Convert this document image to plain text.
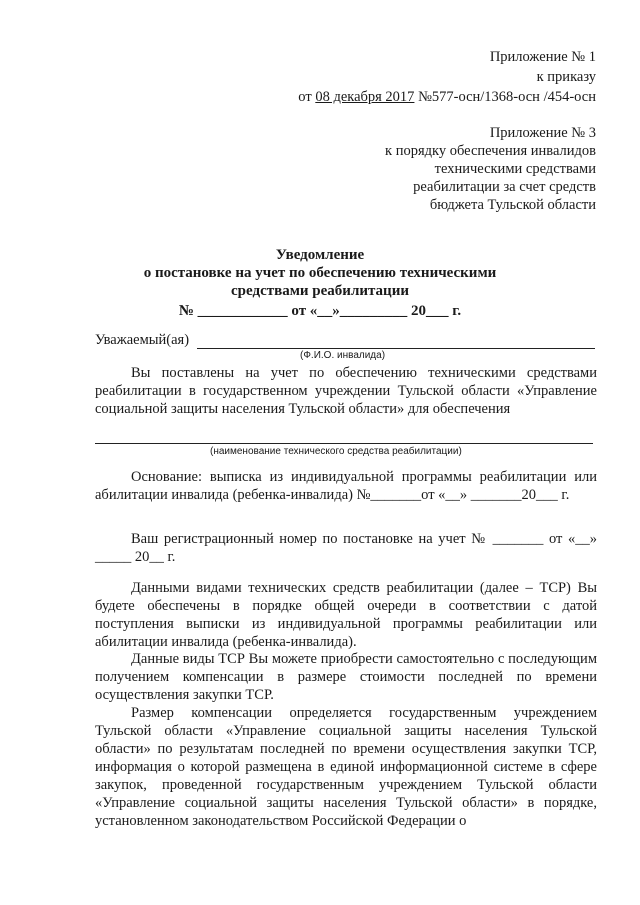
Приложение № 1
к приказу
от 08 декабря 2017 №577-осн/1368-осн /454-осн
Приложение № 3
к порядку обеспечения инвалидов
техническими средствами
реабилитации за счет средств
бюджета Тульской области
Уведомление
о постановке на учет по обеспечению техническими
средствами реабилитации
№ ____________ от «__»_________ 20___ г.
Уважаемый(ая)
(Ф.И.О. инвалида)
Вы поставлены на учет по обеспечению техническими средствами реабилитации в государственном учреждении Тульской области «Управление социальной защиты населения Тульской области» для обеспечения
(наименование технического средства реабилитации)
Основание: выписка из индивидуальной программы реабилитации или абилитации инвалида (ребенка-инвалида) №_______от «__» _______20___ г.
Ваш регистрационный номер по постановке на учет № _______ от «__» _____ 20__ г.
Данными видами технических средств реабилитации (далее – ТСР) Вы будете обеспечены в порядке общей очереди в соответствии с датой поступления выписки из индивидуальной программы реабилитации или абилитации инвалида (ребенка-инвалида).
Данные виды ТСР Вы можете приобрести самостоятельно с последующим получением компенсации в размере стоимости последней по времени осуществления закупки ТСР.
Размер компенсации определяется государственным учреждением Тульской области «Управление социальной защиты населения Тульской области» по результатам последней по времени осуществления закупки ТСР, информация о которой размещена в единой информационной системе в сфере закупок, проведенной государственным учреждением Тульской области «Управление социальной защиты населения Тульской области» в порядке, установленном законодательством Российской Федерации о
